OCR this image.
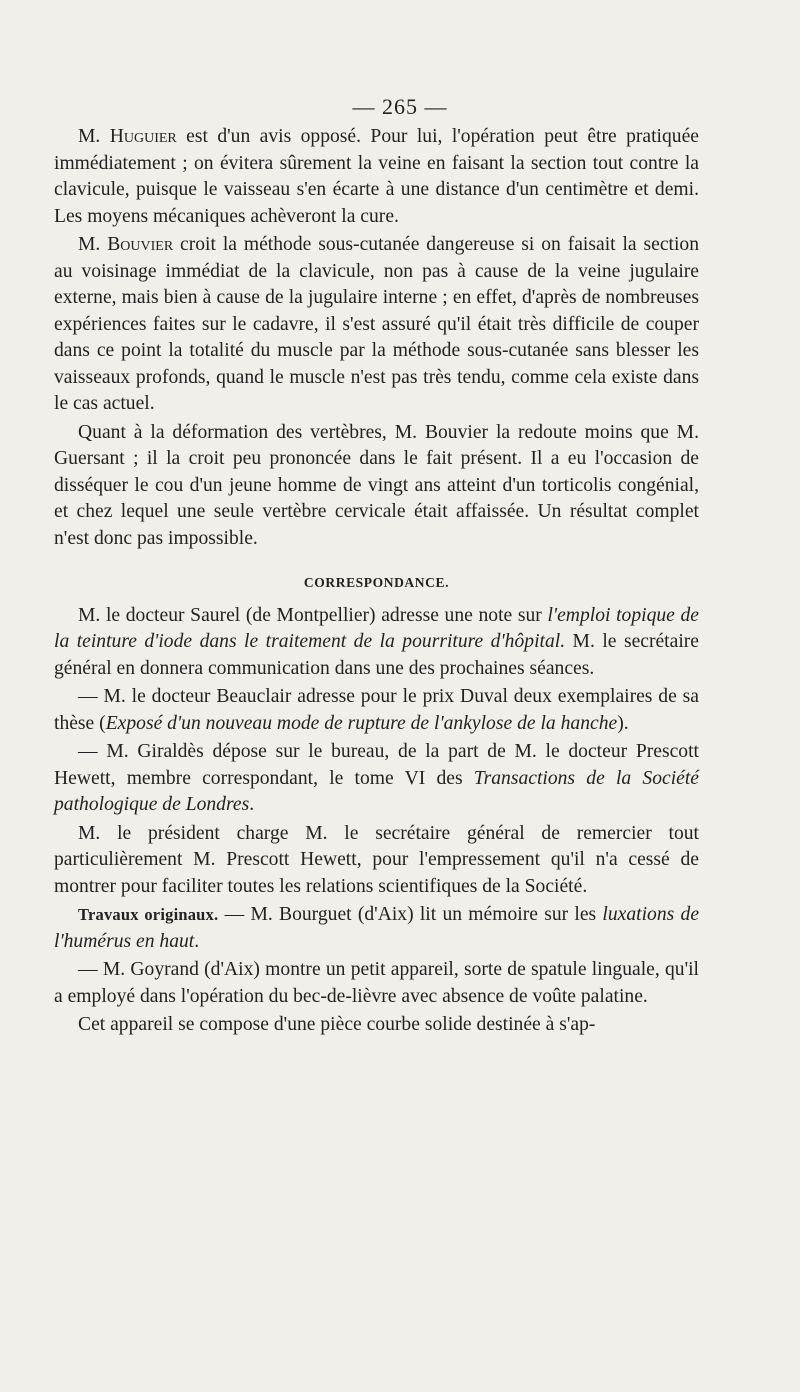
— 265 —

M. Huguier est d'un avis opposé. Pour lui, l'opération peut être pratiquée immédiatement ; on évitera sûrement la veine en faisant la section tout contre la clavicule, puisque le vaisseau s'en écarte à une distance d'un centimètre et demi. Les moyens mécaniques achèveront la cure.

M. Bouvier croit la méthode sous-cutanée dangereuse si on faisait la section au voisinage immédiat de la clavicule, non pas à cause de la veine jugulaire externe, mais bien à cause de la jugulaire interne ; en effet, d'après de nombreuses expériences faites sur le cadavre, il s'est assuré qu'il était très difficile de couper dans ce point la totalité du muscle par la méthode sous-cutanée sans blesser les vaisseaux profonds, quand le muscle n'est pas très tendu, comme cela existe dans le cas actuel.

Quant à la déformation des vertèbres, M. Bouvier la redoute moins que M. Guersant ; il la croit peu prononcée dans le fait présent. Il a eu l'occasion de disséquer le cou d'un jeune homme de vingt ans atteint d'un torticolis congénial, et chez lequel une seule vertèbre cervicale était affaissée. Un résultat complet n'est donc pas impossible.

CORRESPONDANCE.

M. le docteur Saurel (de Montpellier) adresse une note sur l'emploi topique de la teinture d'iode dans le traitement de la pourriture d'hôpital. M. le secrétaire général en donnera communication dans une des prochaines séances.

— M. le docteur Beauclair adresse pour le prix Duval deux exemplaires de sa thèse (Exposé d'un nouveau mode de rupture de l'ankylose de la hanche).

— M. Giraldès dépose sur le bureau, de la part de M. le docteur Prescott Hewett, membre correspondant, le tome VI des Transactions de la Société pathologique de Londres.

M. le président charge M. le secrétaire général de remercier tout particulièrement M. Prescott Hewett, pour l'empressement qu'il n'a cessé de montrer pour faciliter toutes les relations scientifiques de la Société.

Travaux originaux. — M. Bourguet (d'Aix) lit un mémoire sur les luxations de l'humérus en haut.

— M. Goyrand (d'Aix) montre un petit appareil, sorte de spatule linguale, qu'il a employé dans l'opération du bec-de-lièvre avec absence de voûte palatine.

Cet appareil se compose d'une pièce courbe solide destinée à s'ap-
